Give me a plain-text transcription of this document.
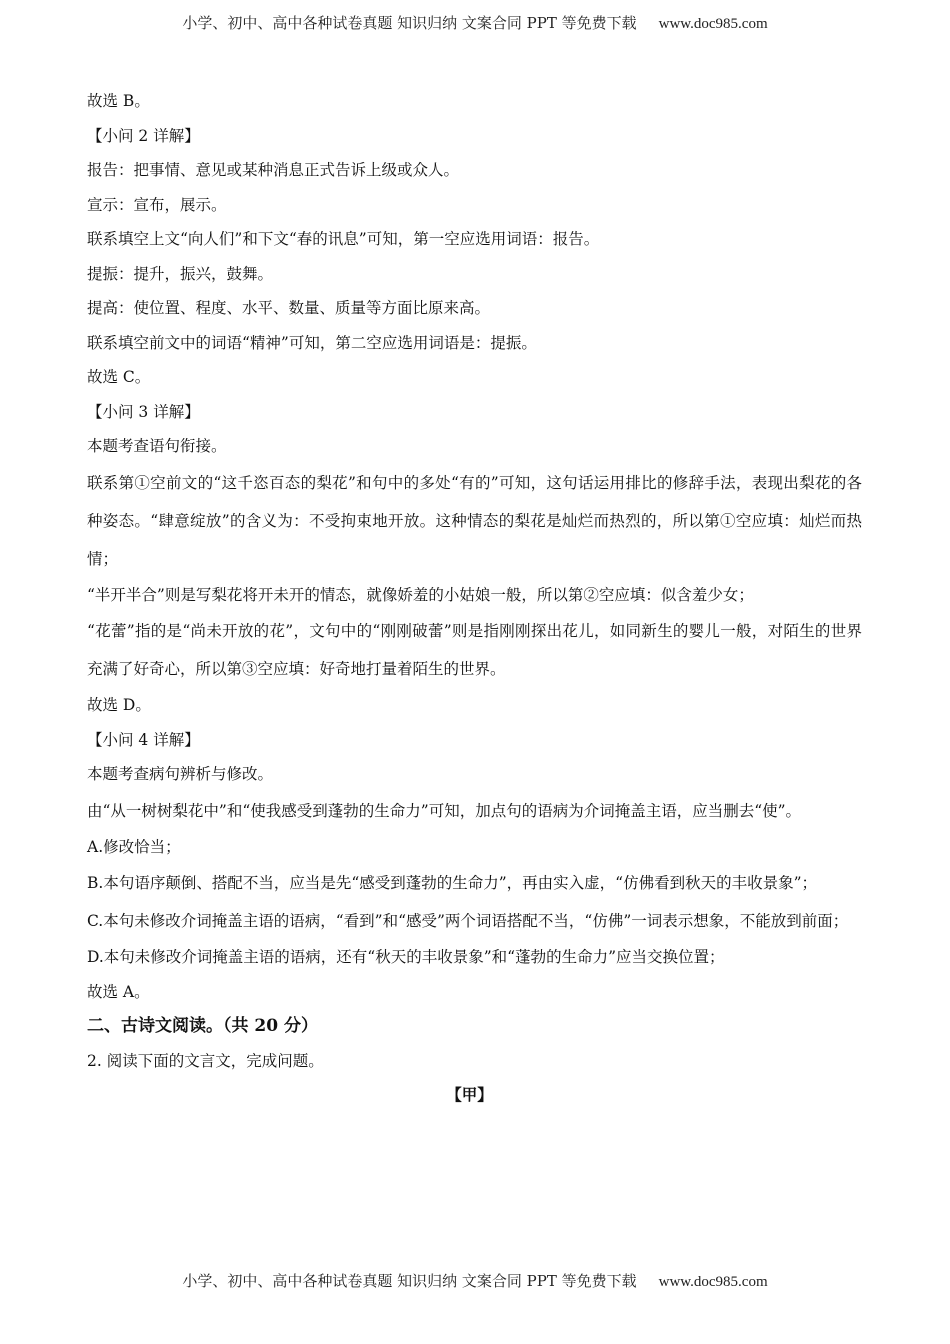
小学、初中、高中各种试卷真题 知识归纳 文案合同 PPT 等免费下载 www.doc985.com

故选 B。

【小问 2 详解】

报告：把事情、意见或某种消息正式告诉上级或众人。

宣示：宣布，展示。

联系填空上文“向人们”和下文“春的讯息”可知，第一空应选用词语：报告。

提振：提升，振兴，鼓舞。

提高：使位置、程度、水平、数量、质量等方面比原来高。

联系填空前文中的词语“精神”可知，第二空应选用词语是：提振。

故选 C。

【小问 3 详解】

本题考查语句衔接。

联系第①空前文的“这千恣百态的梨花”和句中的多处“有的”可知，这句话运用排比的修辞手法，表现出梨花的各种姿态。“肆意绽放”的含义为：不受拘束地开放。这种情态的梨花是灿烂而热烈的，所以第①空应填：灿烂而热情；

“半开半合”则是写梨花将开未开的情态，就像娇羞的小姑娘一般，所以第②空应填：似含羞少女；

“花蕾”指的是“尚未开放的花”，文句中的“刚刚破蕾”则是指刚刚探出花儿，如同新生的婴儿一般，对陌生的世界充满了好奇心，所以第③空应填：好奇地打量着陌生的世界。

故选 D。

【小问 4 详解】

本题考查病句辨析与修改。

由“从一树树梨花中”和“使我感受到蓬勃的生命力”可知，加点句的语病为介词掩盖主语，应当删去“使”。

A.修改恰当；

B.本句语序颠倒、搭配不当，应当是先“感受到蓬勃的生命力”，再由实入虚，“仿佛看到秋天的丰收景象”；

C.本句未修改介词掩盖主语的语病，“看到”和“感受”两个词语搭配不当，“仿佛”一词表示想象，不能放到前面；

D.本句未修改介词掩盖主语的语病，还有“秋天的丰收景象”和“蓬勃的生命力”应当交换位置；

故选 A。

二、古诗文阅读。（共 20 分）

2. 阅读下面的文言文，完成问题。

【甲】

小学、初中、高中各种试卷真题 知识归纳 文案合同 PPT 等免费下载 www.doc985.com
